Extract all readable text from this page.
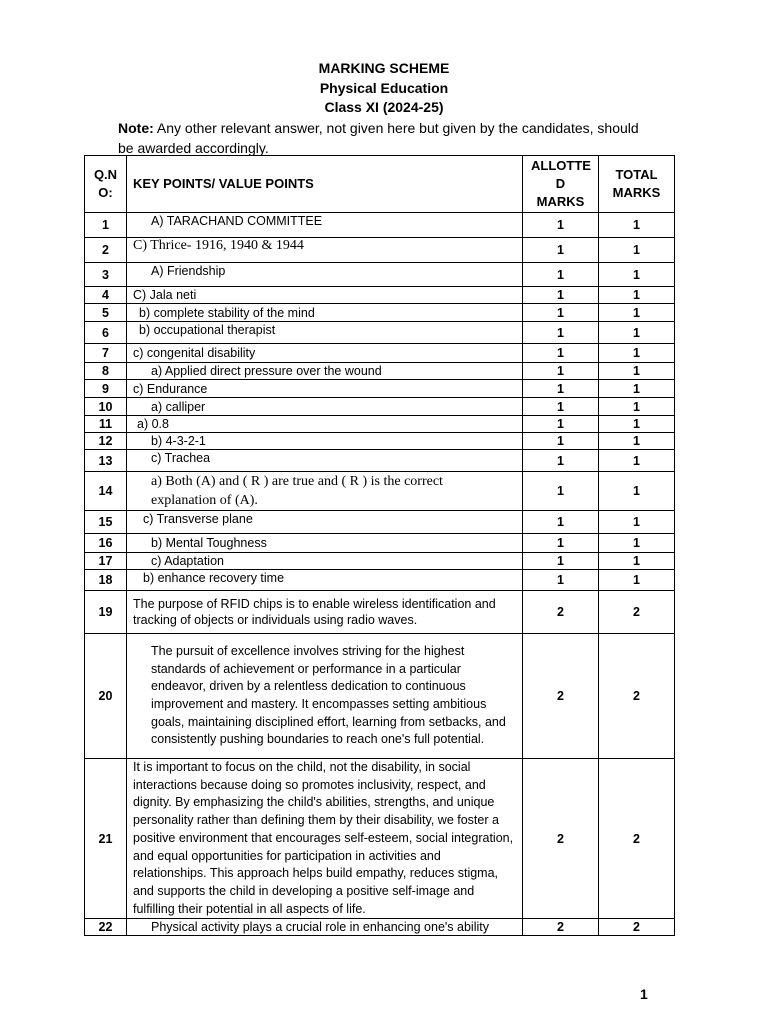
MARKING SCHEME
Physical Education
Class XI (2024-25)
Note: Any other relevant answer, not given here but given by the candidates, should be awarded accordingly.
Q.N O:	KEY POINTS/ VALUE POINTS	ALLOTTE D MARKS	TOTAL MARKS
1	A) TARACHAND COMMITTEE	1	1
2	C) Thrice- 1916, 1940 & 1944	1	1
3	A) Friendship	1	1
4	C) Jala neti	1	1
5	b) complete stability of the mind	1	1
6	b) occupational therapist	1	1
7	c) congenital disability	1	1
8	a) Applied direct pressure over the wound	1	1
9	c) Endurance	1	1
10	a) calliper	1	1
11	a) 0.8	1	1
12	b) 4-3-2-1	1	1
13	c) Trachea	1	1
14	a) Both (A) and ( R ) are true and ( R ) is the correct explanation of (A).	1	1
15	c) Transverse plane	1	1
16	b) Mental Toughness	1	1
17	c) Adaptation	1	1
18	b) enhance recovery time	1	1
19	The purpose of RFID chips is to enable wireless identification and tracking of objects or individuals using radio waves.	2	2
20	The pursuit of excellence involves striving for the highest standards of achievement or performance in a particular endeavor, driven by a relentless dedication to continuous improvement and mastery. It encompasses setting ambitious goals, maintaining disciplined effort, learning from setbacks, and consistently pushing boundaries to reach one's full potential.	2	2
21	It is important to focus on the child, not the disability, in social interactions because doing so promotes inclusivity, respect, and dignity. By emphasizing the child's abilities, strengths, and unique personality rather than defining them by their disability, we foster a positive environment that encourages self-esteem, social integration, and equal opportunities for participation in activities and relationships. This approach helps build empathy, reduces stigma, and supports the child in developing a positive self-image and fulfilling their potential in all aspects of life.	2	2
22	Physical activity plays a crucial role in enhancing one's ability	2	2
1
